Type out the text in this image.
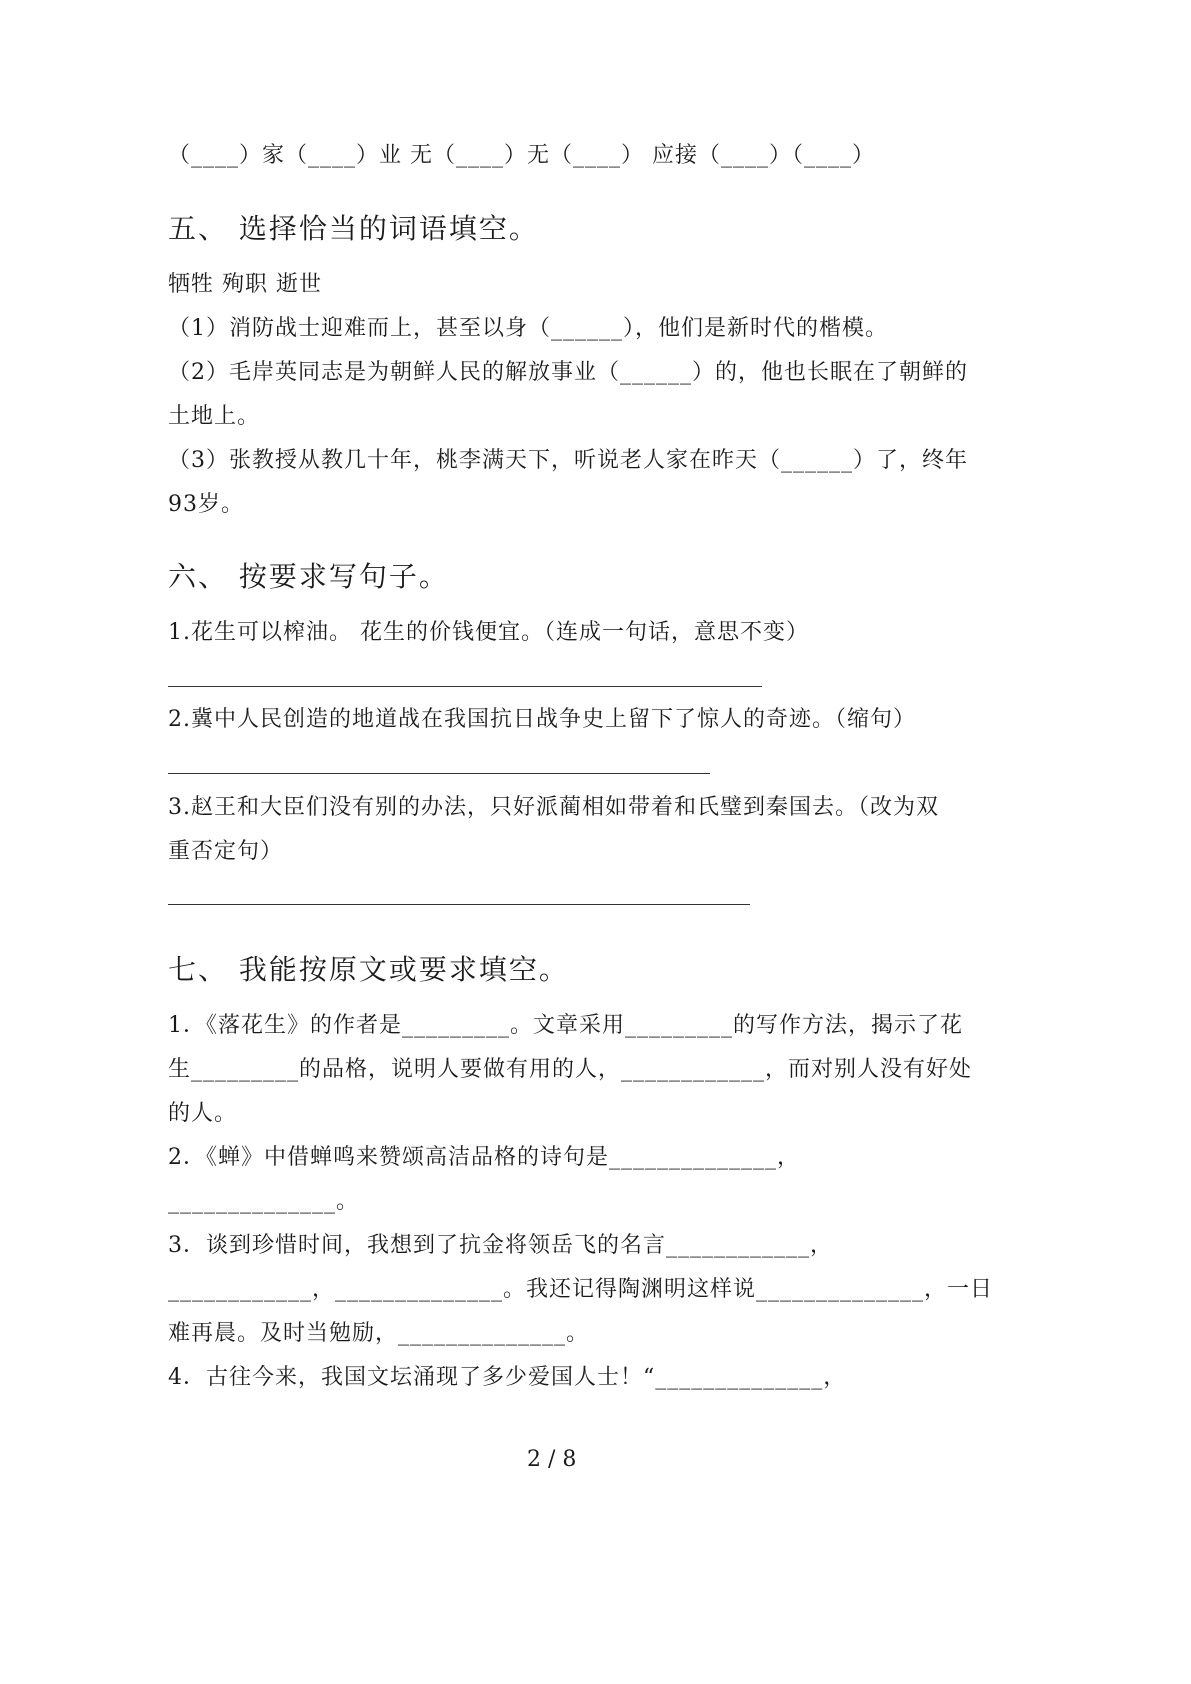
（____）家（____）业 无（____）无（____） 应接（____）（____）
五、 选择恰当的词语填空。
牺牲 殉职 逝世
（1）消防战士迎难而上，甚至以身（______），他们是新时代的楷模。
（2）毛岸英同志是为朝鲜人民的解放事业（______）的，他也长眠在了朝鲜的
土地上。
（3）张教授从教几十年，桃李满天下，听说老人家在昨天（______）了，终年
93岁。
六、 按要求写句子。
1.花生可以榨油。 花生的价钱便宜。（连成一句话，意思不变）
2.冀中人民创造的地道战在我国抗日战争史上留下了惊人的奇迹。（缩句）
3.赵王和大臣们没有别的办法，只好派蔺相如带着和氏璧到秦国去。（改为双
重否定句）
七、 我能按原文或要求填空。
1．《落花生》的作者是_________。文章采用_________的写作方法，揭示了花
生_________的品格，说明人要做有用的人，____________，而对别人没有好处
的人。
2．《蝉》中借蝉鸣来赞颂高洁品格的诗句是______________，
______________。
3．谈到珍惜时间，我想到了抗金将领岳飞的名言____________，
____________，______________。我还记得陶渊明这样说______________，一日
难再晨。及时当勉励，______________。
4．古往今来，我国文坛涌现了多少爱国人士！“______________，
2 / 8
